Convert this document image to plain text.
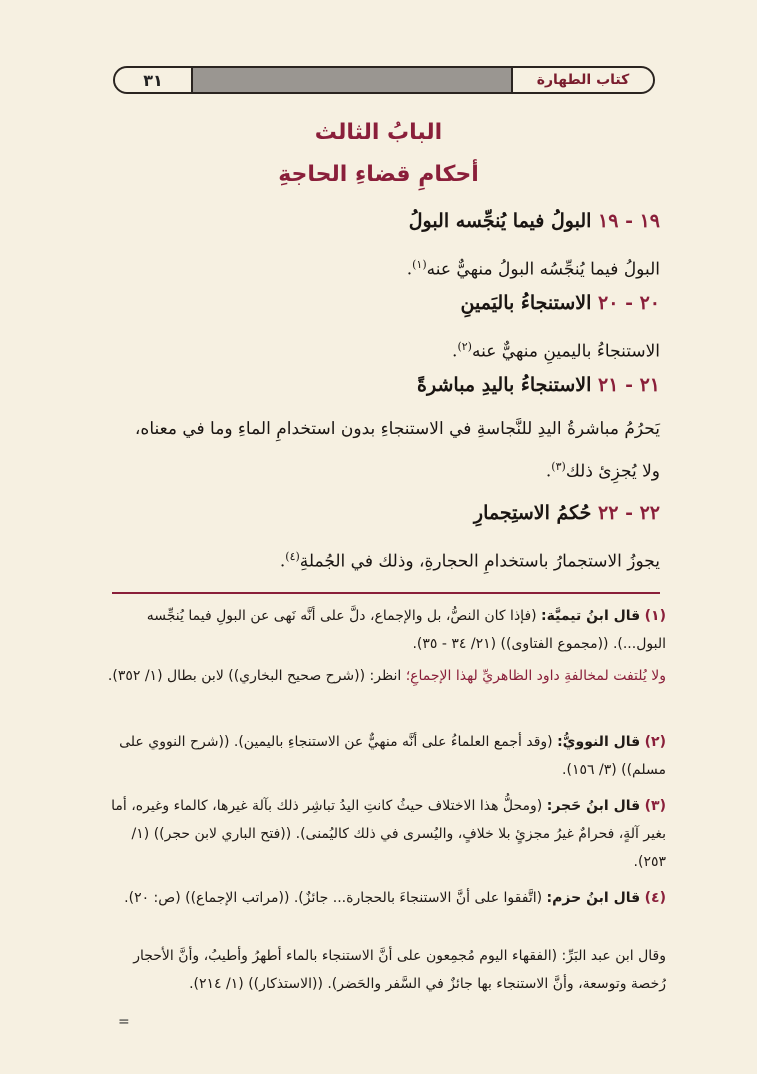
٣١	كتاب الطهارة
البابُ الثالث
أحكامِ قضاءِ الحاجةِ
١٩ - ١٩ البولُ فيما يُنجِّسه البولُ
البولُ فيما يُنجِّسُه البولُ منهيٌّ عنه$^{(١)}$.
٢٠ - ٢٠ الاستنجاءُ باليَمينِ
الاستنجاءُ باليمينِ منهيٌّ عنه$^{(٢)}$.
٢١ - ٢١ الاستنجاءُ باليدِ مباشرةً
يَحرُمُ مباشرةُ اليدِ للنَّجاسةِ في الاستنجاءِ بدون استخدامِ الماءِ وما في معناه، ولا يُجزِئ ذلك$^{(٣)}$.
٢٢ - ٢٢ حُكمُ الاستِجمارِ
يجوزُ الاستجمارُ باستخدامِ الحجارةِ، وذلك في الجُملةِ$^{(٤)}$.
(١) قال ابنُ تيميَّة: (فإذا كان النصُّ، بل والإجماع، دلَّ على أنَّه نَهى عن البولِ فيما يُنجِّسه البول...). ((مجموع الفتاوى)) (٢١/ ٣٤ - ٣٥).
ولا يُلتفت لمخالفةِ داود الظاهريِّ لهذا الإجماعِ؛ انظر: ((شرح صحيح البخاري)) لابن بطال (١/ ٣٥٢).
(٢) قال النوويُّ: (وقد أجمع العلماءُ على أنَّه منهيٌّ عن الاستنجاءِ باليمين). ((شرح النووي على مسلم)) (٣/ ١٥٦).
(٣) قال ابنُ حَجر: (ومحلُّ هذا الاختلاف حيثُ كانتِ اليدُ تباشِر ذلك بآلة غيرها، كالماء وغيره، أما بغير آلةٍ، فحرامٌ غيرُ مجزئٍ بلا خلافٍ، واليُسرى في ذلك كاليُمنى). ((فتح الباري لابن حجر)) (١/ ٢٥٣).
(٤) قال ابنُ حزم: (اتَّفقوا على أنَّ الاستنجاءَ بالحجارة... جائزٌ). ((مراتب الإجماع)) (ص: ٢٠).
وقال ابن عبد البَرِّ: (الفقهاء اليوم مُجمِعون على أنَّ الاستنجاء بالماء أطهرُ وأطيبُ، وأنَّ الأحجار رُخصة وتوسعة، وأنَّ الاستنجاء بها جائزٌ في السَّفر والحَضر). ((الاستذكار)) (١/ ٢١٤).
=
